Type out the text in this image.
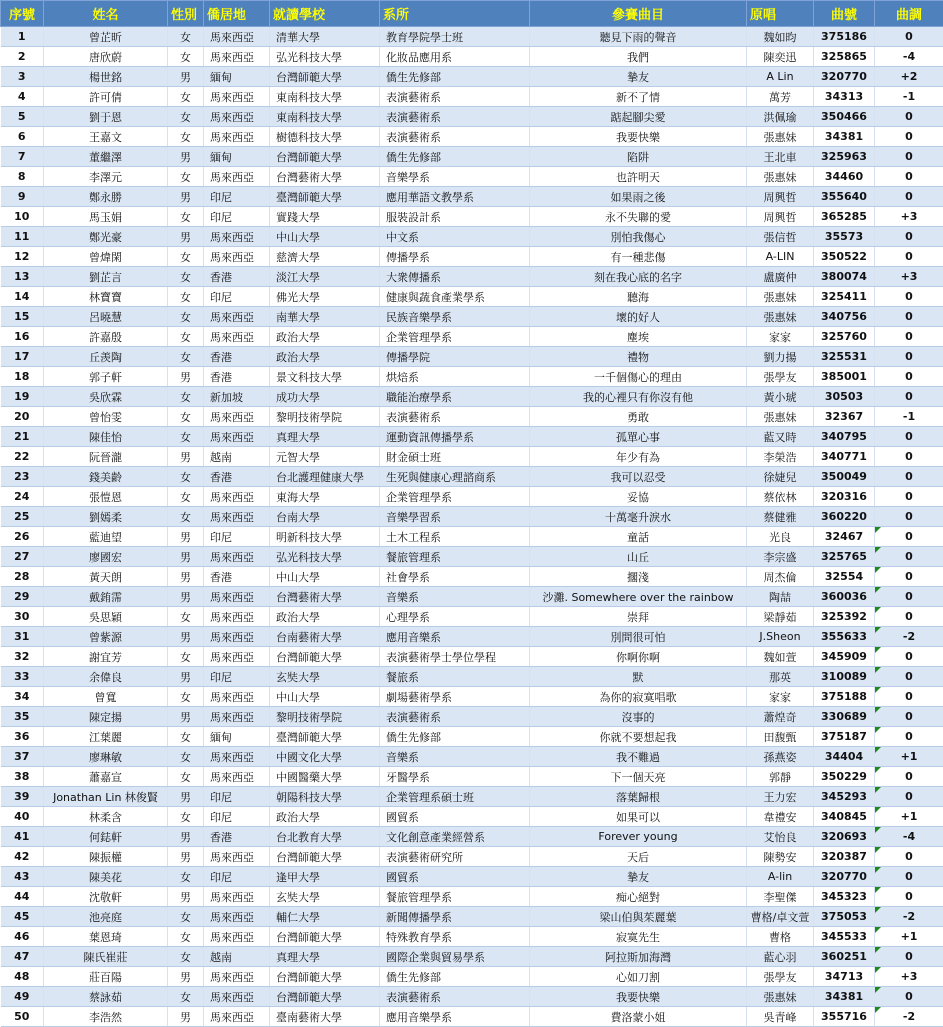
序號	姓名	性別	僑居地	就讀學校	系所	參賽曲目	原唱	曲號	曲調
1	曾芷昕	女	馬來西亞	清華大學	教育學院學士班	聽見下雨的聲音	魏如昀	375186	0
2	唐欣蔚	女	馬來西亞	弘光科技大學	化妝品應用系	我們	陳奕迅	325865	-4
3	楊世銘	男	緬甸	台灣師範大學	僑生先修部	摯友	A Lin	320770	+2
4	許可倩	女	馬來西亞	東南科技大學	表演藝術系	新不了情	萬芳	34313	-1
5	劉于恩	女	馬來西亞	東南科技大學	表演藝術系	踮起腳尖愛	洪佩瑜	350466	0
6	王嘉文	女	馬來西亞	樹德科技大學	表演藝術系	我要快樂	張惠妹	34381	0
7	董繼澤	男	緬甸	台灣師範大學	僑生先修部	陷阱	王北車	325963	0
8	李澤元	女	馬來西亞	台灣藝術大學	音樂學系	也許明天	張惠妹	34460	0
9	鄭永勝	男	印尼	臺灣師範大學	應用華語文教學系	如果雨之後	周興哲	355640	0
10	馬玉娟	女	印尼	實踐大學	服裝設計系	永不失聯的愛	周興哲	365285	+3
11	鄭光豪	男	馬來西亞	中山大學	中文系	別怕我傷心	張信哲	35573	0
12	曾煒閑	女	馬來西亞	慈濟大學	傳播學系	有一種悲傷	A-LIN	350522	0
13	劉芷言	女	香港	淡江大學	大衆傳播系	刻在我心底的名字	盧廣仲	380074	+3
14	林寶寶	女	印尼	佛光大學	健康與蔬食產業學系	聽海	張惠妹	325411	0
15	呂曉慧	女	馬來西亞	南華大學	民族音樂學系	壞的好人	張惠妹	340756	0
16	許嘉殷	女	馬來西亞	政治大學	企業管理學系	塵埃	家家	325760	0
17	丘羡陶	女	香港	政治大學	傳播學院	禮物	劉力揚	325531	0
18	郭子軒	男	香港	景文科技大學	烘焙系	一千個傷心的理由	張學友	385001	0
19	吳欣霖	女	新加坡	成功大學	職能治療學系	我的心裡只有你沒有他	黃小琥	30503	0
20	曾怡雯	女	馬來西亞	黎明技術學院	表演藝術系	勇敢	張惠妹	32367	-1
21	陳佳怡	女	馬來西亞	真理大學	運動資訊傳播學系	孤單心事	藍又時	340795	0
22	阮晉瀧	男	越南	元智大學	財金碩士班	年少有為	李榮浩	340771	0
23	錢美齡	女	香港	台北護理健康大學	生死與健康心理諮商系	我可以忍受	徐婕兒	350049	0
24	張愷恩	女	馬來西亞	東海大學	企業管理學系	妥協	蔡依林	320316	0
25	劉嫣柔	女	馬來西亞	台南大學	音樂學習系	十萬毫升淚水	蔡健雅	360220	0
26	藍迪望	男	印尼	明新科技大學	土木工程系	童話	光良	32467	0
27	廖國宏	男	馬來西亞	弘光科技大學	餐旅管理系	山丘	李宗盛	325765	0
28	黃天朗	男	香港	中山大學	社會學系	擱淺	周杰倫	32554	0
29	戴銪霈	男	馬來西亞	台灣藝術大學	音樂系	沙灘. Somewhere over the rainbow	陶喆	360036	0
30	吳思穎	女	馬來西亞	政治大學	心理學系	崇拜	梁靜茹	325392	0
31	曾紫源	男	馬來西亞	台南藝術大學	應用音樂系	別問很可怕	J.Sheon	355633	-2
32	謝宜芳	女	馬來西亞	台灣師範大學	表演藝術學士學位學程	你啊你啊	魏如萱	345909	0
33	余偉良	男	印尼	玄奘大學	餐旅系	默	那英	310089	0
34	曾寬	女	馬來西亞	中山大學	劇場藝術學系	為你的寂寞唱歌	家家	375188	0
35	陳定揚	男	馬來西亞	黎明技術學院	表演藝術系	沒事的	蕭煌奇	330689	0
36	江葉麗	女	緬甸	臺灣師範大學	僑生先修部	你就不要想起我	田馥甄	375187	0
37	廖琳敏	女	馬來西亞	中國文化大學	音樂系	我不難過	孫燕姿	34404	+1
38	蕭嘉宣	女	馬來西亞	中國醫藥大學	牙醫學系	下一個天亮	郭靜	350229	0
39	Jonathan Lin 林俊賢	男	印尼	朝陽科技大學	企業管理系碩士班	落葉歸根	王力宏	345293	0
40	林柔含	女	印尼	政治大學	國貿系	如果可以	韋禮安	340845	+1
41	何鋕軒	男	香港	台北教育大學	文化創意產業經營系	Forever young	艾怡良	320693	-4
42	陳振權	男	馬來西亞	台灣師範大學	表演藝術研究所	天后	陳勢安	320387	0
43	陳美花	女	印尼	逢甲大學	國貿系	摯友	A-lin	320770	0
44	沈敬軒	男	馬來西亞	玄奘大學	餐旅管理學系	痴心絕對	李聖傑	345323	0
45	池亮庭	女	馬來西亞	輔仁大學	新聞傳播學系	梁山伯與茱麗葉	曹格/卓文萱	375053	-2
46	葉恩琦	女	馬來西亞	台灣師範大學	特殊教育學系	寂寞先生	曹格	345533	+1
47	陳氏崔莊	女	越南	真理大學	國際企業與貿易學系	阿拉斯加海灣	藍心羽	360251	0
48	莊百陽	男	馬來西亞	台灣師範大學	僑生先修部	心如刀割	張學友	34713	+3
49	蔡詠茹	女	馬來西亞	台灣師範大學	表演藝術系	我要快樂	張惠妹	34381	0
50	李浩然	男	馬來西亞	臺南藝術大學	應用音樂學系	費洛蒙小姐	吳青峰	355716	-2
